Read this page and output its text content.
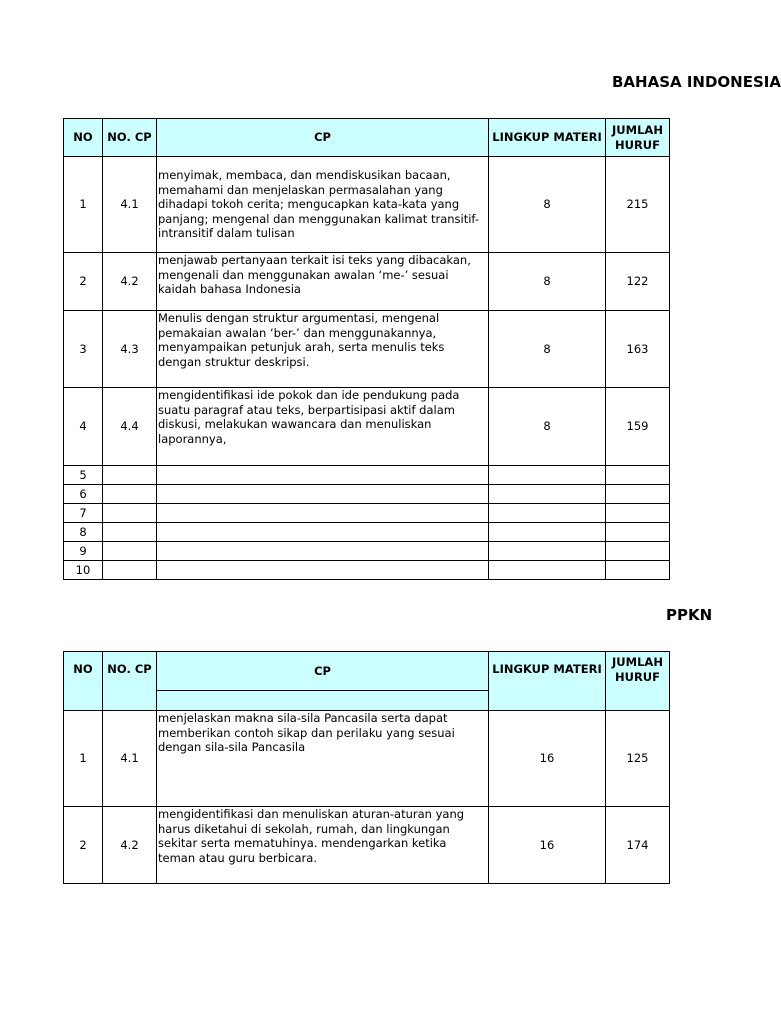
BAHASA INDONESIA
NO	NO. CP	CP	LINGKUP MATERI	JUMLAH
HURUF
1	4.1	menyimak, membaca, dan mendiskusikan bacaan, memahami dan menjelaskan permasalahan yang dihadapi tokoh cerita; mengucapkan kata-kata yang panjang; mengenal dan menggunakan kalimat transitif-intransitif dalam tulisan	8	215
2	4.2	menjawab pertanyaan terkait isi teks yang dibacakan, mengenali dan menggunakan awalan ‘me-’ sesuai kaidah bahasa Indonesia	8	122
3	4.3	Menulis dengan struktur argumentasi, mengenal pemakaian awalan ‘ber-’ dan menggunakannya, menyampaikan petunjuk arah, serta menulis teks dengan struktur deskripsi.	8	163
4	4.4	mengidentifikasi ide pokok dan ide pendukung pada suatu paragraf atau teks, berpartisipasi aktif dalam diskusi, melakukan wawancara dan menuliskan laporannya,	8	159
5				
6				
7				
8				
9				
10				
PPKN
NO	NO. CP	CP	LINGKUP MATERI	JUMLAH
HURUF
1	4.1	menjelaskan makna sila-sila Pancasila serta dapat memberikan contoh sikap dan perilaku yang sesuai dengan sila-sila Pancasila	16	125
2	4.2	mengidentifikasi dan menuliskan aturan-aturan yang harus diketahui di sekolah, rumah, dan lingkungan sekitar serta mematuhinya. mendengarkan ketika teman atau guru berbicara.	16	174
